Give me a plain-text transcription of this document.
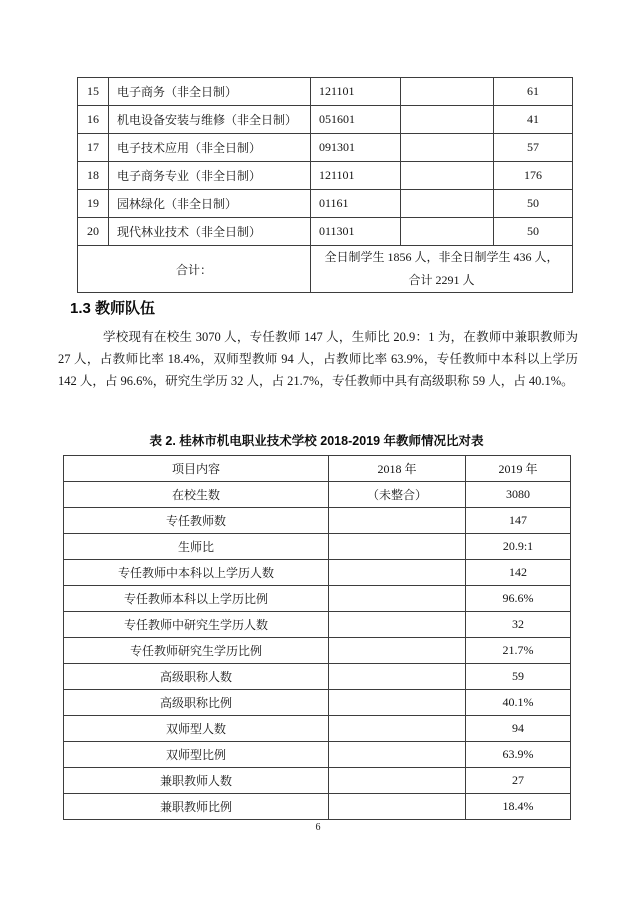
15	电子商务（非全日制）	121101		61
16	机电设备安装与维修（非全日制）	051601		41
17	电子技术应用（非全日制）	091301		57
18	电子商务专业（非全日制）	121101		176
19	园林绿化（非全日制）	01161		50
20	现代林业技术（非全日制）	011301		50
合计：		全日制学生 1856 人，非全日制学生 436 人，
合计 2291 人		
1.3 教师队伍
学校现有在校生 3070 人，专任教师 147 人，生师比 20.9：1 为，在教师中兼职教师为 27 人，占教师比率 18.4%，双师型教师 94 人，占教师比率 63.9%，专任教师中本科以上学历 142 人，占 96.6%，研究生学历 32 人，占 21.7%，专任教师中具有高级职称 59 人，占 40.1%。
表 2. 桂林市机电职业技术学校 2018-2019 年教师情况比对表
项目内容	2018 年	2019 年
在校生数	（未整合）	3080
专任教师数		147
生师比		20.9:1
专任教师中本科以上学历人数		142
专任教师本科以上学历比例		96.6%
专任教师中研究生学历人数		32
专任教师研究生学历比例		21.7%
高级职称人数		59
高级职称比例		40.1%
双师型人数		94
双师型比例		63.9%
兼职教师人数		27
兼职教师比例		18.4%
6
